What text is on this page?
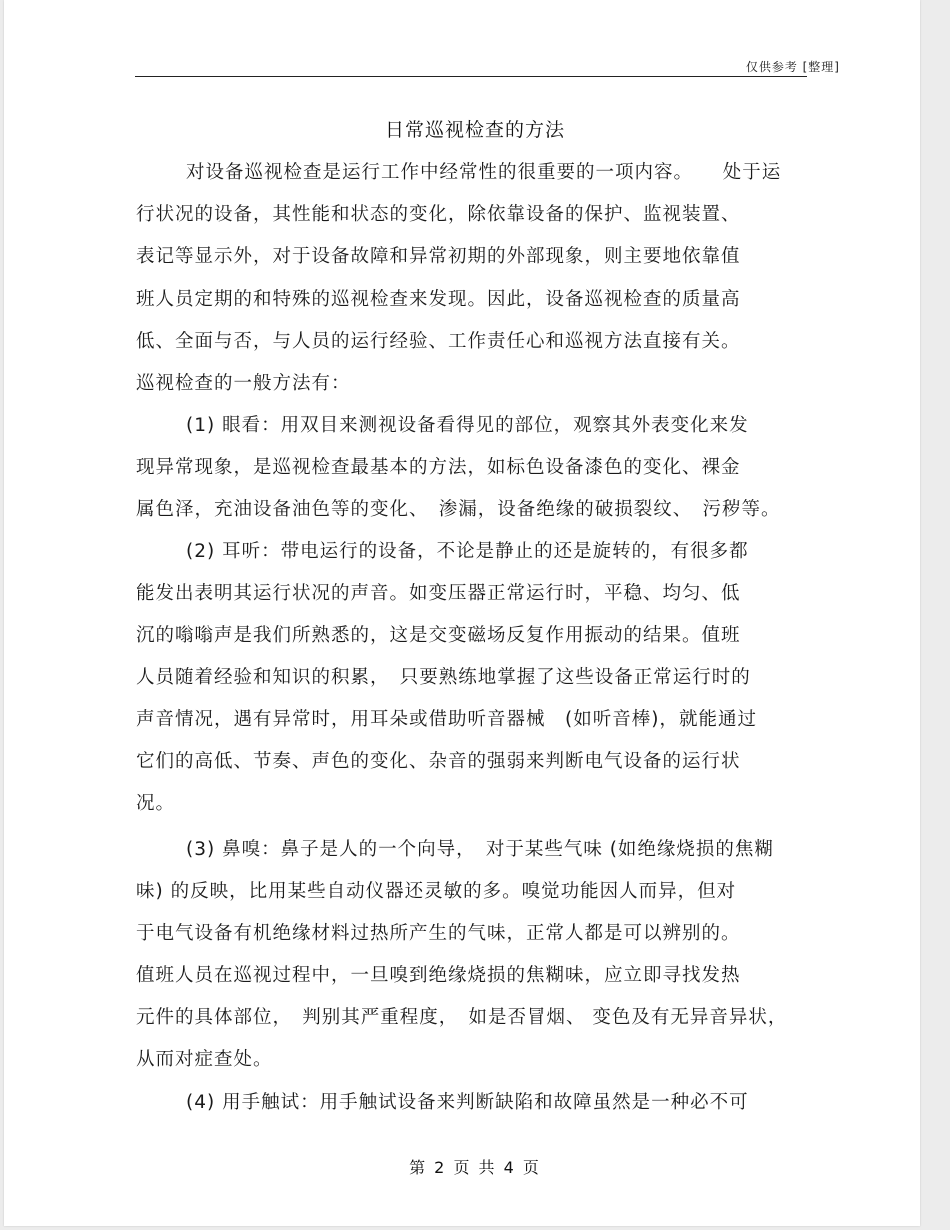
仅供参考 [整理]
日常巡视检查的方法
对设备巡视检查是运行工作中经常性的很重要的一项内容。　　处于运
行状况的设备，其性能和状态的变化，除依靠设备的保护、监视装置、
表记等显示外，对于设备故障和异常初期的外部现象，则主要地依靠值
班人员定期的和特殊的巡视检查来发现。因此，设备巡视检查的质量高
低、全面与否，与人员的运行经验、工作责任心和巡视方法直接有关。
巡视检查的一般方法有：
(1) 眼看：用双目来测视设备看得见的部位，观察其外表变化来发
现异常现象，是巡视检查最基本的方法，如标色设备漆色的变化、裸金
属色泽，充油设备油色等的变化、　渗漏，设备绝缘的破损裂纹、　污秽等。
(2) 耳听：带电运行的设备，不论是静止的还是旋转的，有很多都
能发出表明其运行状况的声音。如变压器正常运行时，平稳、均匀、低
沉的嗡嗡声是我们所熟悉的，这是交变磁场反复作用振动的结果。值班
人员随着经验和知识的积累，　只要熟练地掌握了这些设备正常运行时的
声音情况，遇有异常时，用耳朵或借助听音器械　(如听音棒)，就能通过
它们的高低、节奏、声色的变化、杂音的强弱来判断电气设备的运行状
况。
(3) 鼻嗅：鼻子是人的一个向导，　对于某些气味 (如绝缘烧损的焦糊
味) 的反映，比用某些自动仪器还灵敏的多。嗅觉功能因人而异，但对
于电气设备有机绝缘材料过热所产生的气味，正常人都是可以辨别的。
值班人员在巡视过程中，一旦嗅到绝缘烧损的焦糊味，应立即寻找发热
元件的具体部位，　判别其严重程度，　如是否冒烟、 变色及有无异音异状，
从而对症查处。
(4) 用手触试：用手触试设备来判断缺陷和故障虽然是一种必不可
第 2 页 共 4 页
